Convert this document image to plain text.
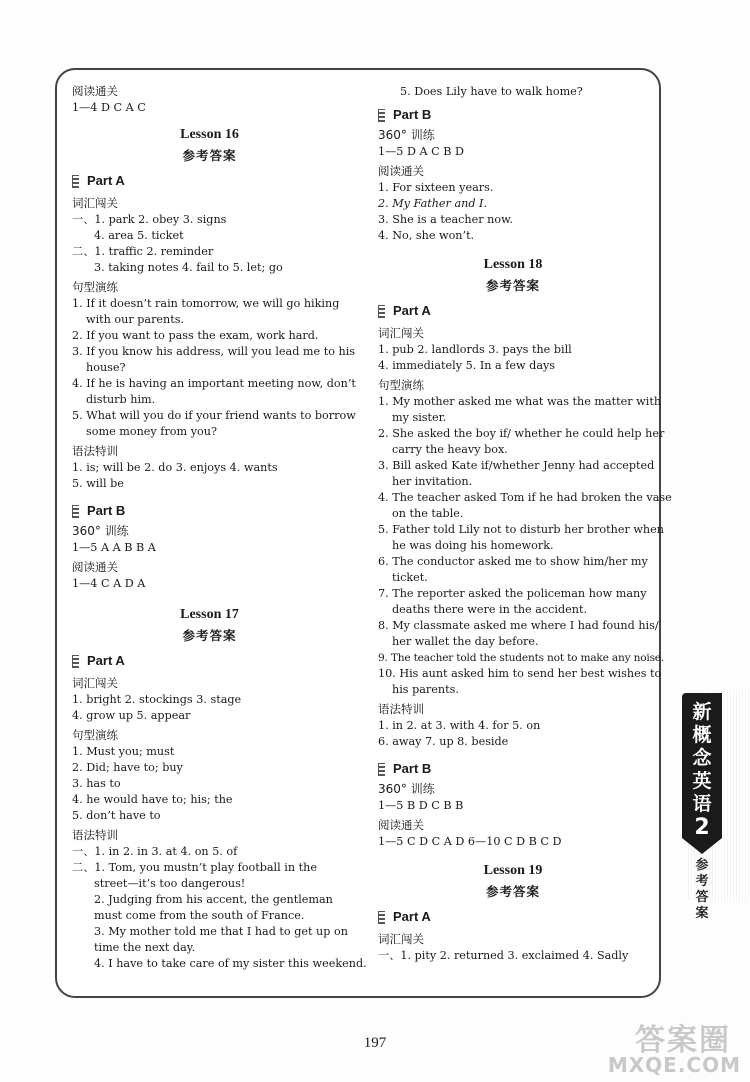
阅读通关
1—4 D C A C
Lesson 16
参考答案
Part A
词汇闯关
一、1. park 2. obey 3. signs
4. area 5. ticket
二、1. traffic 2. reminder
3. taking notes 4. fail to 5. let; go
句型演练
1. If it doesn’t rain tomorrow, we will go hiking
with our parents.
2. If you want to pass the exam, work hard.
3. If you know his address, will you lead me to his
house?
4. If he is having an important meeting now, don’t
disturb him.
5. What will you do if your friend wants to borrow
some money from you?
语法特训
1. is; will be 2. do 3. enjoys 4. wants
5. will be
Part B
360° 训练
1—5 A A B B A
阅读通关
1—4 C A D A
Lesson 17
参考答案
Part A
词汇闯关
1. bright 2. stockings 3. stage
4. grow up 5. appear
句型演练
1. Must you; must
2. Did; have to; buy
3. has to
4. he would have to; his; the
5. don’t have to
语法特训
一、1. in 2. in 3. at 4. on 5. of
二、1. Tom, you mustn’t play football in the
street—it’s too dangerous!
2. Judging from his accent, the gentleman
must come from the south of France.
3. My mother told me that I had to get up on
time the next day.
4. I have to take care of my sister this weekend.
5. Does Lily have to walk home?
Part B
360° 训练
1—5 D A C B D
阅读通关
1. For sixteen years.
2. My Father and I.
3. She is a teacher now.
4. No, she won’t.
Lesson 18
参考答案
Part A
词汇闯关
1. pub 2. landlords 3. pays the bill
4. immediately 5. In a few days
句型演练
1. My mother asked me what was the matter with
my sister.
2. She asked the boy if/ whether he could help her
carry the heavy box.
3. Bill asked Kate if/whether Jenny had accepted
her invitation.
4. The teacher asked Tom if he had broken the vase
on the table.
5. Father told Lily not to disturb her brother when
he was doing his homework.
6. The conductor asked me to show him/her my
ticket.
7. The reporter asked the policeman how many
deaths there were in the accident.
8. My classmate asked me where I had found his/
her wallet the day before.
9. The teacher told the students not to make any noise.
10. His aunt asked him to send her best wishes to
his parents.
语法特训
1. in 2. at 3. with 4. for 5. on
6. away 7. up 8. beside
Part B
360° 训练
1—5 B D C B B
阅读通关
1—5 C D C A D 6—10 C D B C D
Lesson 19
参考答案
Part A
词汇闯关
一、1. pity 2. returned 3. exclaimed 4. Sadly
新
概
念
英
语
2
参
考
答
案
197	答案圈
MXQE.COM
